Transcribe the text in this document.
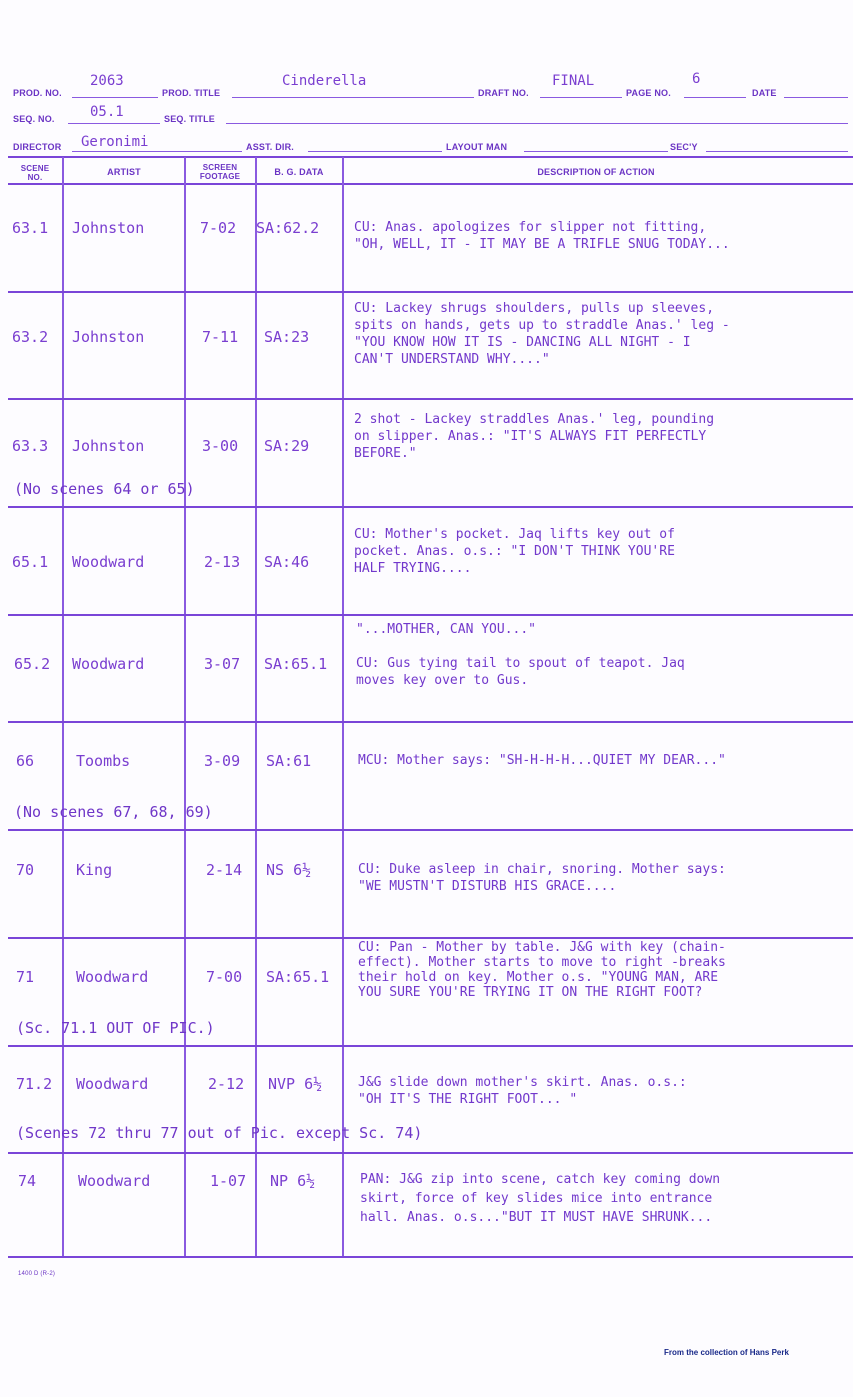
PROD. NO.
2063
PROD. TITLE
Cinderella
DRAFT NO.
FINAL
PAGE NO.
6
DATE
SEQ. NO.	05.1	SEQ. TITLE
DIRECTOR Geronimi	ASST. DIR.	LAYOUT MAN	SEC'Y
SCENE NO.
ARTIST	SCREEN FOOTAGE	B. G. DATA	DESCRIPTION OF ACTION
63.1 Johnston	7-02 SA:62.2	CU: Anas. apologizes for slipper not fitting,
"OH, WELL, IT - IT MAY BE A TRIFLE SNUG TODAY...
63.2 Johnston	7-11 SA:23
CU: Lackey shrugs shoulders, pulls up sleeves,
spits on hands, gets up to straddle Anas.' leg -
"YOU KNOW HOW IT IS - DANCING ALL NIGHT - I
CAN'T UNDERSTAND WHY...."
63.3 Johnston	3-00 SA:29
2 shot - Lackey straddles Anas.' leg, pounding
on slipper. Anas.: "IT'S ALWAYS FIT PERFECTLY
BEFORE."
(No scenes 64 or 65)
65.1 Woodward	2-13 SA:46
CU: Mother's pocket. Jaq lifts key out of
pocket. Anas. o.s.: "I DON'T THINK YOU'RE
HALF TRYING....
65.2 Woodward	3-07 SA:65.1
"...MOTHER, CAN YOU..."

CU: Gus tying tail to spout of teapot. Jaq
moves key over to Gus.
66	Toombs	3-09 SA:61	MCU: Mother says: "SH-H-H-H...QUIET MY DEAR..."
(No scenes 67, 68, 69)
70	King	2-14 NS 6½	CU: Duke asleep in chair, snoring. Mother says:
"WE MUSTN'T DISTURB HIS GRACE....
71	Woodward	7-00 SA:65.1
CU: Pan - Mother by table. J&G with key (chain-
effect). Mother starts to move to right -breaks
their hold on key. Mother o.s. "YOUNG MAN, ARE
YOU SURE YOU'RE TRYING IT ON THE RIGHT FOOT?
(Sc. 71.1 OUT OF PIC.)
71.2 Woodward	2-12 NVP 6½	J&G slide down mother's skirt. Anas. o.s.:
"OH IT'S THE RIGHT FOOT... "
(Scenes 72 thru 77 out of Pic. except Sc. 74)
74	Woodward	1-07 NP 6½	PAN: J&G zip into scene, catch key coming down
skirt, force of key slides mice into entrance
hall. Anas. o.s..."BUT IT MUST HAVE SHRUNK...
1400 D (R-2)
From the collection of Hans Perk
